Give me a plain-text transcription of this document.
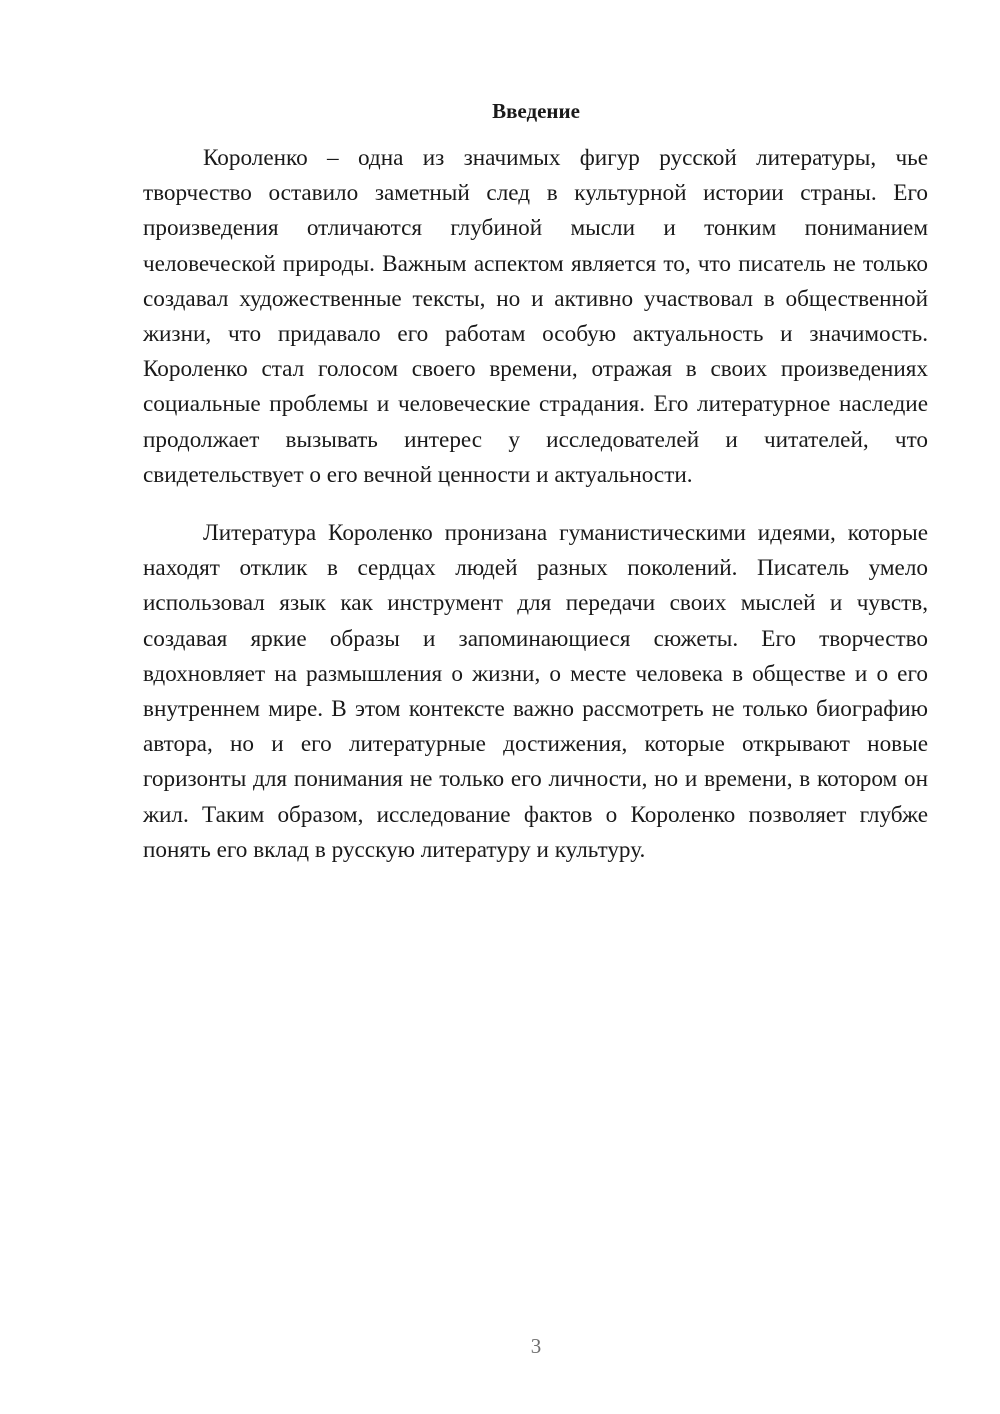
Введение

Короленко – одна из значимых фигур русской литературы, чье творчество оставило заметный след в культурной истории страны. Его произведения отличаются глубиной мысли и тонким пониманием человеческой природы. Важным аспектом является то, что писатель не только создавал художественные тексты, но и активно участвовал в общественной жизни, что придавало его работам особую актуальность и значимость. Короленко стал голосом своего времени, отражая в своих произведениях социальные проблемы и человеческие страдания. Его литературное наследие продолжает вызывать интерес у исследователей и читателей, что свидетельствует о его вечной ценности и актуальности.

Литература Короленко пронизана гуманистическими идеями, которые находят отклик в сердцах людей разных поколений. Писатель умело использовал язык как инструмент для передачи своих мыслей и чувств, создавая яркие образы и запоминающиеся сюжеты. Его творчество вдохновляет на размышления о жизни, о месте человека в обществе и о его внутреннем мире. В этом контексте важно рассмотреть не только биографию автора, но и его литературные достижения, которые открывают новые горизонты для понимания не только его личности, но и времени, в котором он жил. Таким образом, исследование фактов о Короленко позволяет глубже понять его вклад в русскую литературу и культуру.

3
